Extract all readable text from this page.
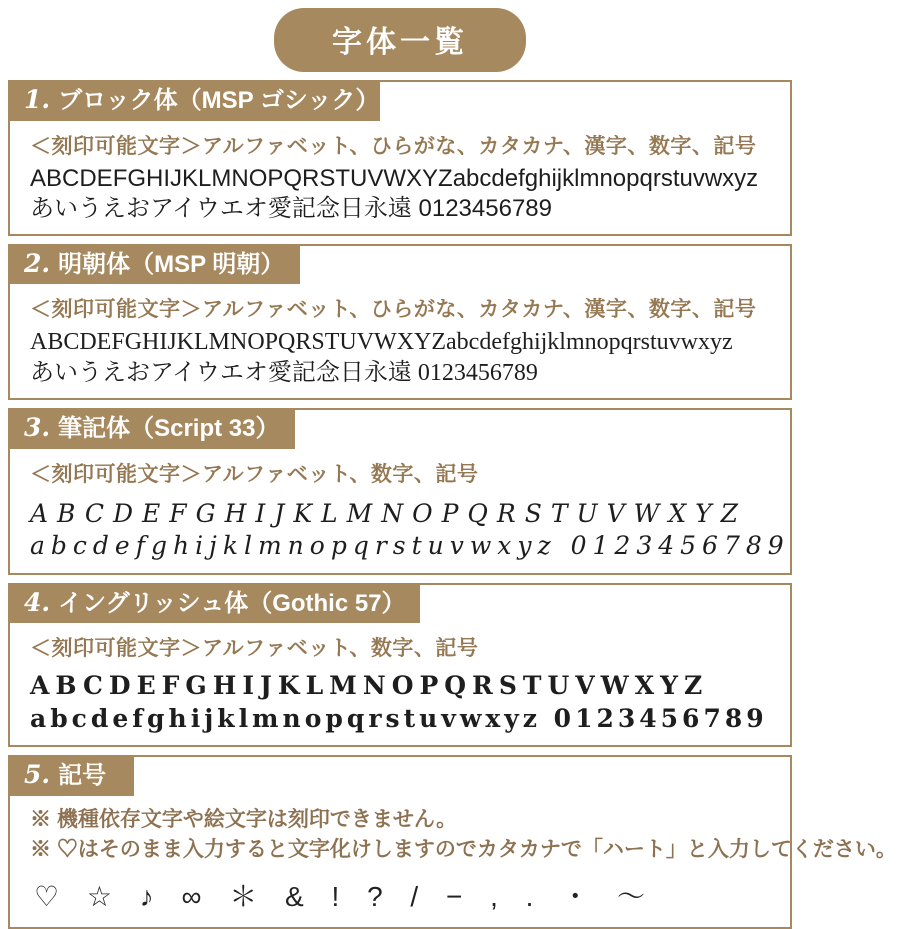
字体一覧
1. ブロック体（MSP ゴシック）
＜刻印可能文字＞アルファベット、ひらがな、カタカナ、漢字、数字、記号
ABCDEFGHIJKLMNOPQRSTUVWXYZabcdefghijklmnopqrstuvwxyz
あいうえおアイウエオ愛記念日永遠 0123456789
2. 明朝体（MSP 明朝）
＜刻印可能文字＞アルファベット、ひらがな、カタカナ、漢字、数字、記号
ABCDEFGHIJKLMNOPQRSTUVWXYZabcdefghijklmnopqrstuvwxyz
あいうえおアイウエオ愛記念日永遠 0123456789
3. 筆記体（Script 33）
＜刻印可能文字＞アルファベット、数字、記号
ABCDEFGHIJKLMNOPQRSTUVWXYZ
abcdefghijklmnopqrstuvwxyz 0123456789
4. イングリッシュ体（Gothic 57）
＜刻印可能文字＞アルファベット、数字、記号
ABCDEFGHIJKLMNOPQRSTUVWXYZ
abcdefghijklmnopqrstuvwxyz 0123456789
5. 記号
※ 機種依存文字や絵文字は刻印できません。
※ ♡はそのまま入力すると文字化けしますのでカタカナで「ハート」と入力してください。
♡ ☆ ♪ ∞ ＊ & ! ? / − , . ・ ～
